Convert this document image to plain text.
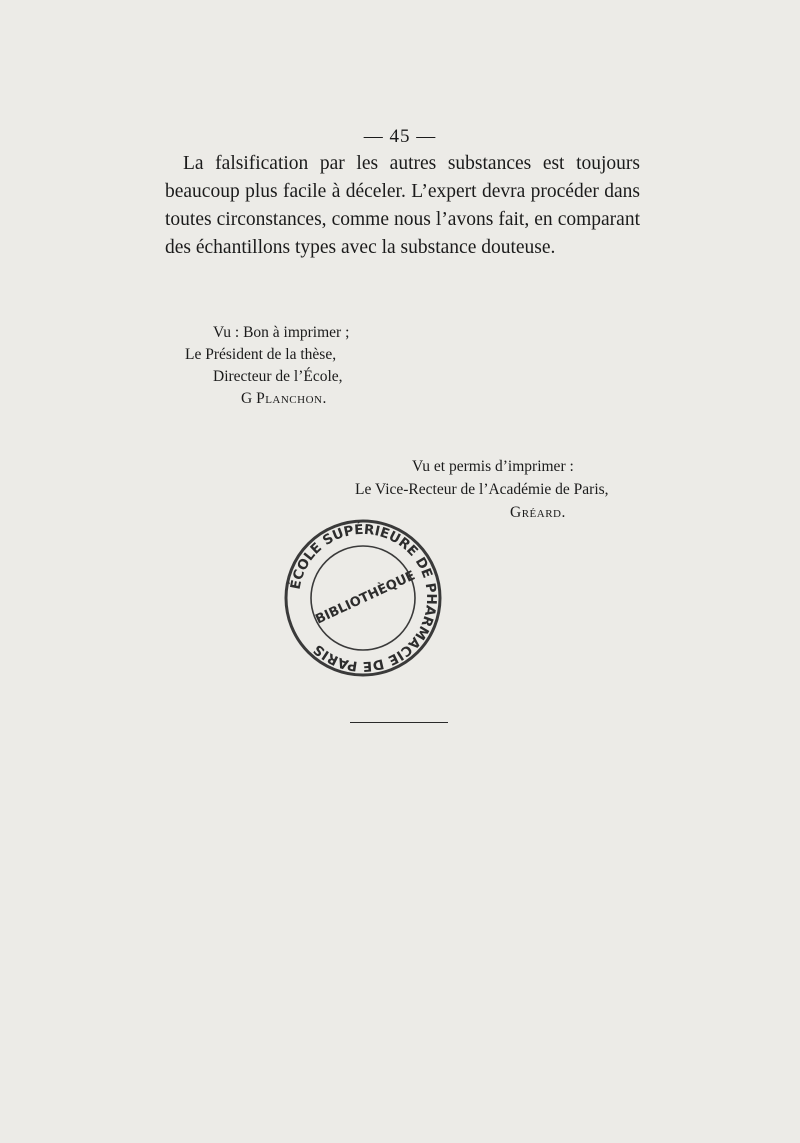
— 45 —

La falsification par les autres substances est toujours beaucoup plus facile à déceler. L’expert devra procéder dans toutes circonstances, comme nous l’avons fait, en comparant des échantillons types avec la substance douteuse.

Vu : Bon à imprimer ;
Le Président de la thèse,
Directeur de l’École,
G Planchon.
Vu et permis d’imprimer :
Le Vice-Recteur de l’Académie de Paris,
Gréard.
ÉCOLE SUPÉRIEURE DE PHARMACIE DE PARIS
BIBLIOTHÈQUE
